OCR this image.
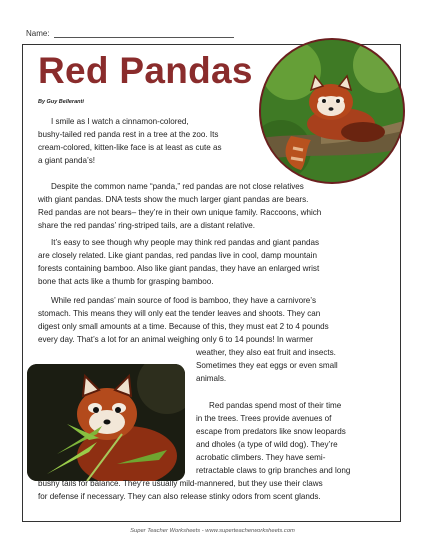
Name:
Red Pandas
By Guy Belleranti
I smile as I watch a cinnamon-colored,
bushy-tailed red panda rest in a tree at the zoo. Its
cream-colored, kitten-like face is at least as cute as
a giant panda’s!
Despite the common name “panda,” red pandas are not close relatives
with giant pandas. DNA tests show the much larger giant pandas are bears.
Red pandas are not bears– they’re in their own unique family. Raccoons, which
share the red pandas’ ring-striped tails, are a distant relative.
It’s easy to see though why people may think red pandas and giant pandas
are closely related. Like giant pandas, red pandas live in cool, damp mountain
forests containing bamboo. Also like giant pandas, they have an enlarged wrist
bone that acts like a thumb for grasping bamboo.
While red pandas’ main source of food is bamboo, they have a carnivore’s
stomach. This means they will only eat the tender leaves and shoots. They can
digest only small amounts at a time. Because of this, they must eat 2 to 4 pounds
every day. That’s a lot for an animal weighing only 6 to 14 pounds! In warmer
weather, they also eat fruit and insects.
Sometimes they eat eggs or even small
animals.
Red pandas spend most of their time
in the trees. Trees provide avenues of
escape from predators like snow leopards
and dholes (a type of wild dog). They’re
acrobatic climbers. They have semi-
retractable claws to grip branches and long
bushy tails for balance. They’re usually mild-mannered, but they use their claws
for defense if necessary. They can also release stinky odors from scent glands.
Super Teacher Worksheets - www.superteacherworksheets.com
